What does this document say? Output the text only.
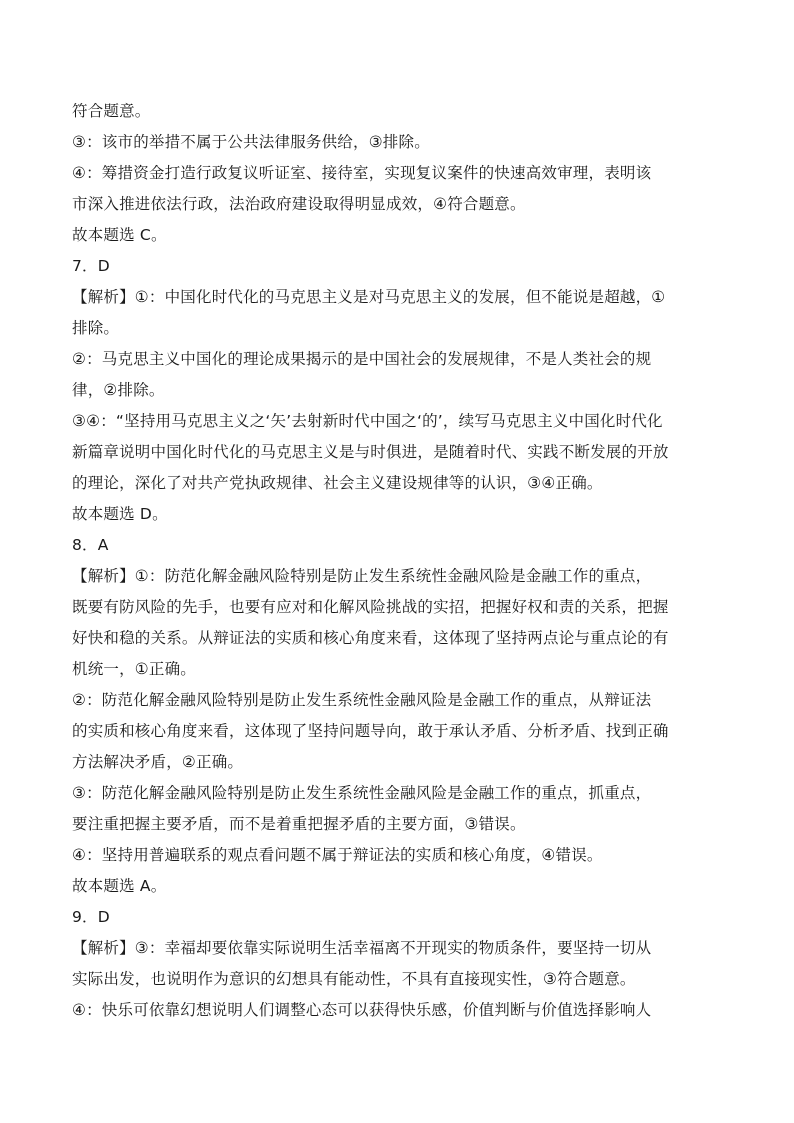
符合题意。
③：该市的举措不属于公共法律服务供给，③排除。
④：筹措资金打造行政复议听证室、接待室，实现复议案件的快速高效审理，表明该
市深入推进依法行政，法治政府建设取得明显成效，④符合题意。
故本题选 C。
7．D
【解析】①：中国化时代化的马克思主义是对马克思主义的发展，但不能说是超越，①
排除。
②：马克思主义中国化的理论成果揭示的是中国社会的发展规律，不是人类社会的规
律，②排除。
③④：“坚持用马克思主义之‘矢’去射新时代中国之‘的’，续写马克思主义中国化时代化
新篇章说明中国化时代化的马克思主义是与时俱进，是随着时代、实践不断发展的开放
的理论，深化了对共产党执政规律、社会主义建设规律等的认识，③④正确。
故本题选 D。
8．A
【解析】①：防范化解金融风险特别是防止发生系统性金融风险是金融工作的重点，
既要有防风险的先手，也要有应对和化解风险挑战的实招，把握好权和责的关系，把握
好快和稳的关系。从辩证法的实质和核心角度来看，这体现了坚持两点论与重点论的有
机统一，①正确。
②：防范化解金融风险特别是防止发生系统性金融风险是金融工作的重点，从辩证法
的实质和核心角度来看，这体现了坚持问题导向，敢于承认矛盾、分析矛盾、找到正确
方法解决矛盾，②正确。
③：防范化解金融风险特别是防止发生系统性金融风险是金融工作的重点，抓重点，
要注重把握主要矛盾，而不是着重把握矛盾的主要方面，③错误。
④：坚持用普遍联系的观点看问题不属于辩证法的实质和核心角度，④错误。
故本题选 A。
9．D
【解析】③：幸福却要依靠实际说明生活幸福离不开现实的物质条件，要坚持一切从
实际出发，也说明作为意识的幻想具有能动性，不具有直接现实性，③符合题意。
④：快乐可依靠幻想说明人们调整心态可以获得快乐感，价值判断与价值选择影响人
